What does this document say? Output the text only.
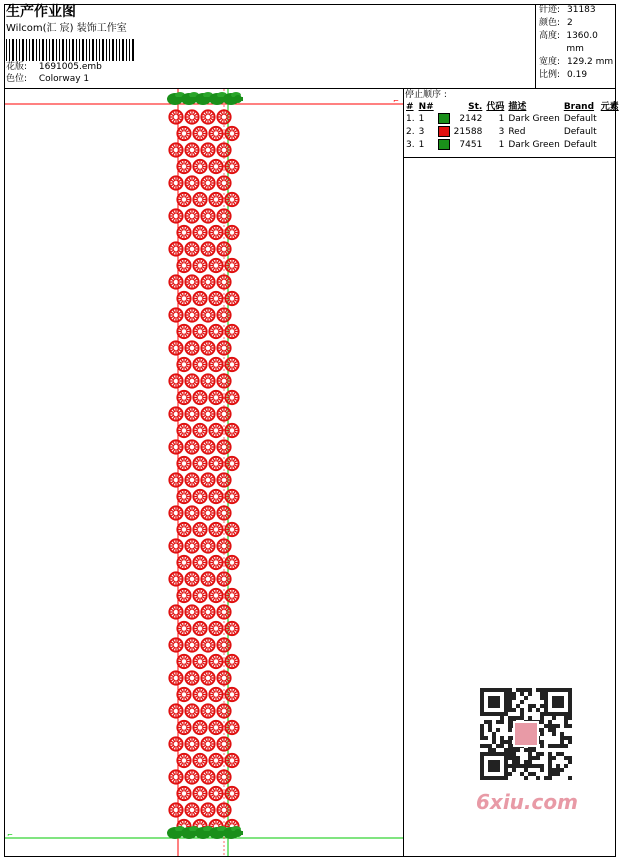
生产作业图
Wilcom(汇 宸) 装饰工作室
花版: 1691005.emb
色位: Colorway 1
针迹: 31183
颜色: 2
高度: 1360.0 mm
宽度: 129.2 mm
比例: 0.19
⌐
⌐
停止顺序 :
#	N#		St.	代码	描述	Brand	元素
1.	1		2142	1	Dark Green	Default	
2.	3		21588	3	Red	Default	
3.	1		7451	1	Dark Green	Default	
6xiu.com
